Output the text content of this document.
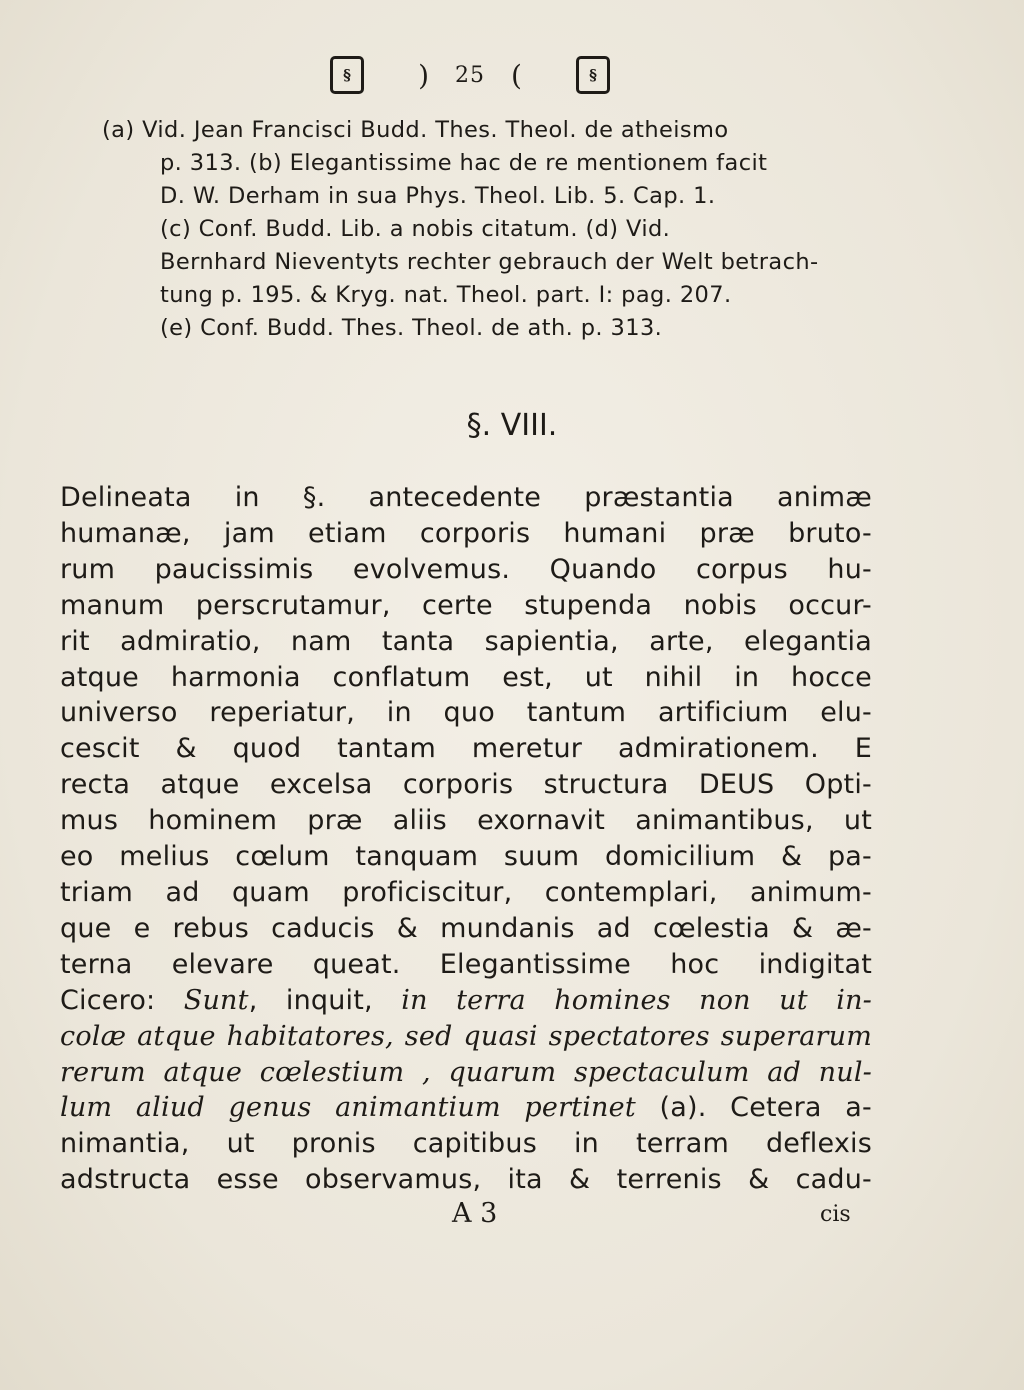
§	) 25 (	§
(a) Vid. Jean Francisci Budd. Thes. Theol. de atheismo
p. 313. (b) Elegantissime hac de re mentionem facit
D. W. Derham in sua Phys. Theol. Lib. 5. Cap. 1.
(c) Conf. Budd. Lib. a nobis citatum. (d) Vid.
Bernhard Nieventyts rechter gebrauch der Welt betrach-
tung p. 195. & Kryg. nat. Theol. part. I: pag. 207.
(e) Conf. Budd. Thes. Theol. de ath. p. 313.
§. VIII.
Delineata in §. antecedente præstantia animæ
humanæ, jam etiam corporis humani præ bruto-
rum paucissimis evolvemus. Quando corpus hu-
manum perscrutamur, certe stupenda nobis occur-
rit admiratio, nam tanta sapientia, arte, elegantia
atque harmonia conflatum est, ut nihil in hocce
universo reperiatur, in quo tantum artificium elu-
cescit & quod tantam meretur admirationem. E
recta atque excelsa corporis structura DEUS Opti-
mus hominem præ aliis exornavit animantibus, ut
eo melius cœlum tanquam suum domicilium & pa-
triam ad quam proficiscitur, contemplari, animum-
que e rebus caducis & mundanis ad cœlestia & æ-
terna elevare queat. Elegantissime hoc indigitat
Cicero: Sunt, inquit, in terra homines non ut in-
colæ atque habitatores, sed quasi spectatores superarum
rerum atque cœlestium , quarum spectaculum ad nul-
lum aliud genus animantium pertinet (a). Cetera a-
nimantia, ut pronis capitibus in terram deflexis
adstructa esse observamus, ita & terrenis & cadu-
A 3	cis
